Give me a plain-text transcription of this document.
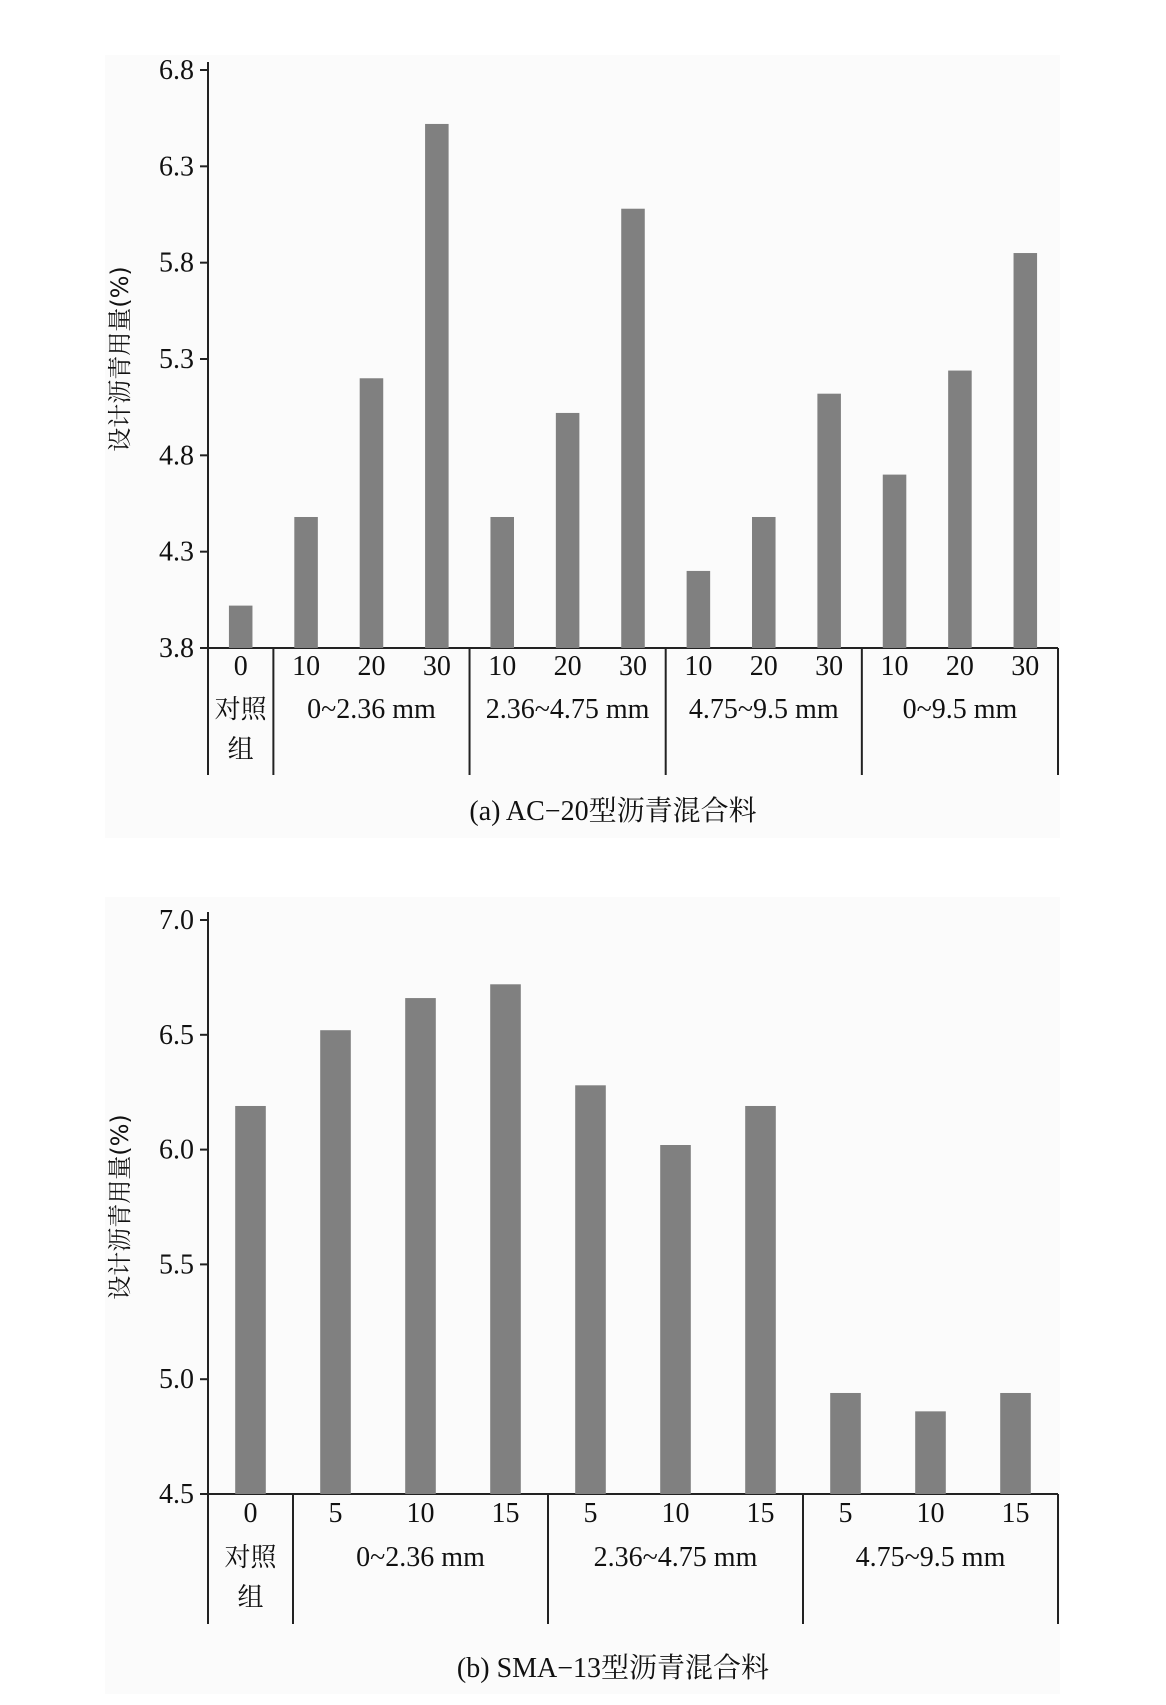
3.8
4.3
4.8
5.3
5.8
6.3
6.8
设计沥青用量(%)
0 10 20 30 10 20 30 10 20 30 10 20 30
对照
组
0~2.36 mm 2.36~4.75 mm 4.75~9.5 mm 0~9.5 mm
(a) AC−20型沥青混合料
4.5
5.0
5.5
6.0
6.5
7.0
设计沥青用量(%)
0	5 10 15 5 10 15 5 10 15
对照
组
0~2.36 mm	2.36~4.75 mm	4.75~9.5 mm
(b) SMA−13型沥青混合料
